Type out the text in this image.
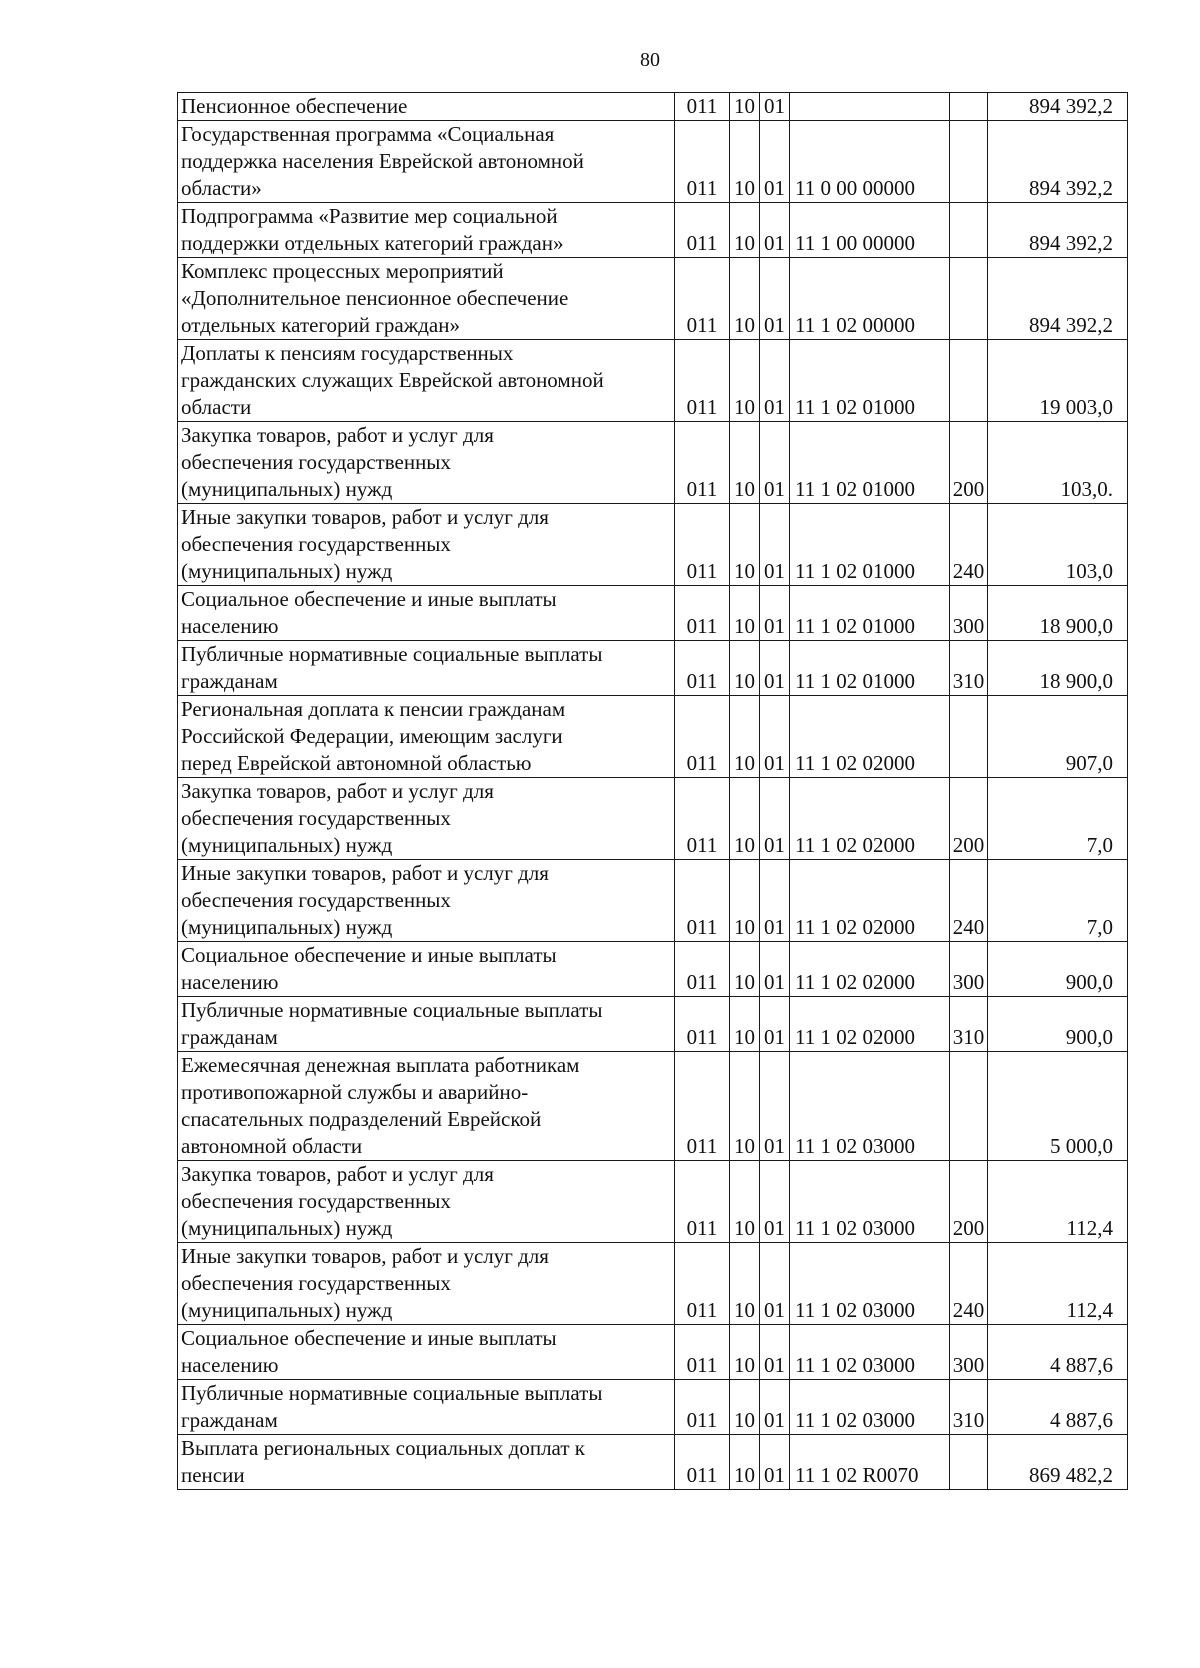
80
Пенсионное обеспечение	011	10	01			894 392,2

Государственная программа «Социальная
поддержка населения Еврейской автономной
области»	011	10	01	11 0 00 00000		894 392,2

Подпрограмма «Развитие мер социальной
поддержки отдельных категорий граждан»	011	10	01	11 1 00 00000		894 392,2

Комплекс процессных мероприятий
«Дополнительное пенсионное обеспечение
отдельных категорий граждан»	011	10	01	11 1 02 00000		894 392,2

Доплаты к пенсиям государственных
гражданских служащих Еврейской автономной
области	011	10	01	11 1 02 01000		19 003,0

Закупка товаров, работ и услуг для
обеспечения государственных
(муниципальных) нужд	011	10	01	11 1 02 01000	200	103,0.

Иные закупки товаров, работ и услуг для
обеспечения государственных
(муниципальных) нужд	011	10	01	11 1 02 01000	240	103,0

Социальное обеспечение и иные выплаты
населению	011	10	01	11 1 02 01000	300	18 900,0

Публичные нормативные социальные выплаты
гражданам	011	10	01	11 1 02 01000	310	18 900,0

Региональная доплата к пенсии гражданам
Российской Федерации, имеющим заслуги
перед Еврейской автономной областью	011	10	01	11 1 02 02000		907,0

Закупка товаров, работ и услуг для
обеспечения государственных
(муниципальных) нужд	011	10	01	11 1 02 02000	200	7,0

Иные закупки товаров, работ и услуг для
обеспечения государственных
(муниципальных) нужд	011	10	01	11 1 02 02000	240	7,0

Социальное обеспечение и иные выплаты
населению	011	10	01	11 1 02 02000	300	900,0

Публичные нормативные социальные выплаты
гражданам	011	10	01	11 1 02 02000	310	900,0

Ежемесячная денежная выплата работникам
противопожарной службы и аварийно-
спасательных подразделений Еврейской
автономной области	011	10	01	11 1 02 03000		5 000,0

Закупка товаров, работ и услуг для
обеспечения государственных
(муниципальных) нужд	011	10	01	11 1 02 03000	200	112,4

Иные закупки товаров, работ и услуг для
обеспечения государственных
(муниципальных) нужд	011	10	01	11 1 02 03000	240	112,4

Социальное обеспечение и иные выплаты
населению	011	10	01	11 1 02 03000	300	4 887,6

Публичные нормативные социальные выплаты
гражданам	011	10	01	11 1 02 03000	310	4 887,6

Выплата региональных социальных доплат к
пенсии	011	10	01	11 1 02 R0070		869 482,2
